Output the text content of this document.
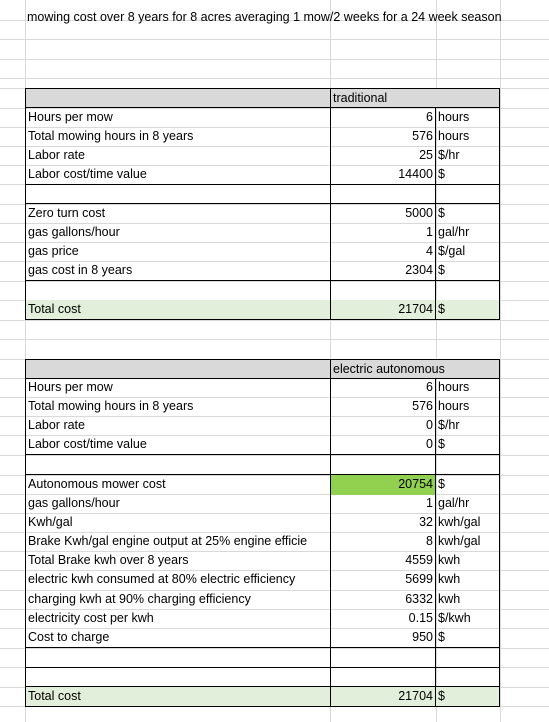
mowing cost over 8 years for 8 acres averaging 1 mow/2 weeks for a 24 week season
traditional
Hours per mow	6 hours
Total mowing hours in 8 years	576 hours
Labor rate	25 $/hr
Labor cost/time value	14400 $
Zero turn cost	5000 $
gas gallons/hour	1 gal/hr
gas price	4 $/gal
gas cost in 8 years	2304 $
Total cost	21704 $
electric autonomous
Hours per mow	6 hours
Total mowing hours in 8 years	576 hours
Labor rate	0 $/hr
Labor cost/time value	0 $
Autonomous mower cost	20754 $
gas gallons/hour	1 gal/hr
Kwh/gal	32 kwh/gal
Brake Kwh/gal engine output at 25% engine efficie	8 kwh/gal
Total Brake kwh over 8 years	4559 kwh
electric kwh consumed at 80% electric efficiency	5699 kwh
charging kwh at 90% charging efficiency	6332 kwh
electricity cost per kwh	0.15 $/kwh
Cost to charge	950 $
Total cost	21704 $
